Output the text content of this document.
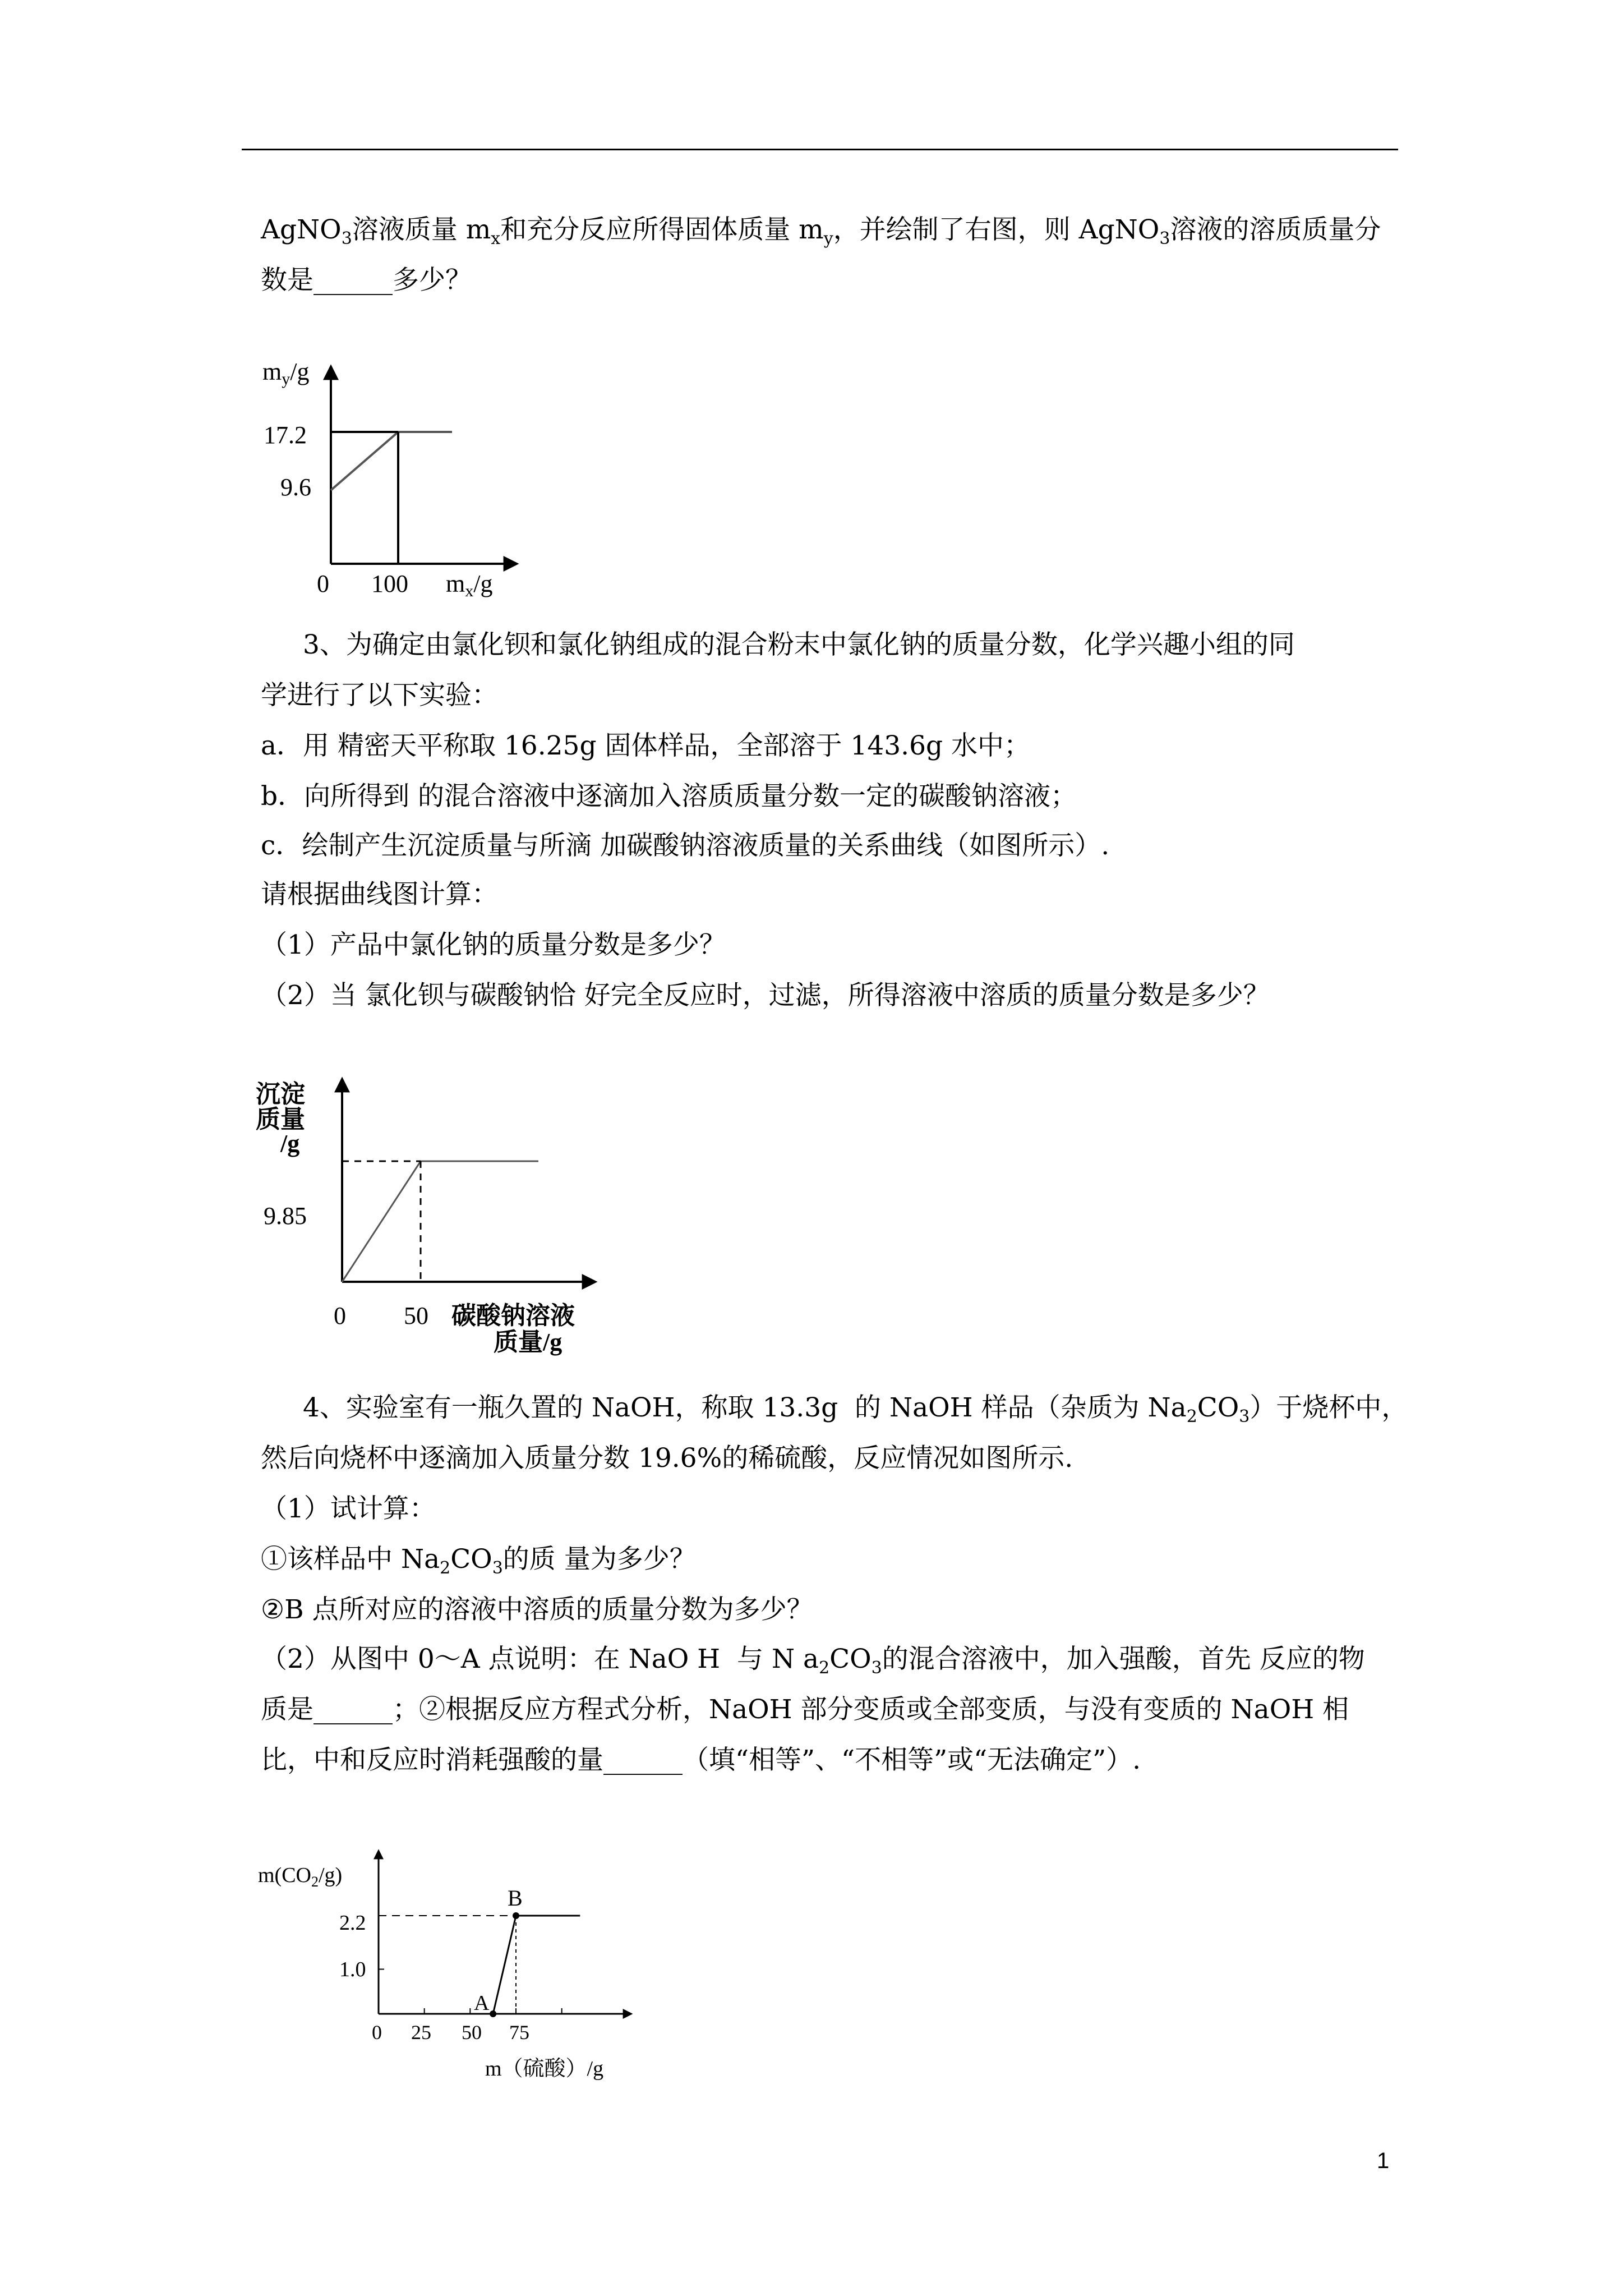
AgNO$_3$溶液质量 $m_x$和充分反应所得固体质量 $m_y$，并绘制了右图，则 AgNO$_3$溶液的溶质质量分
数是______多少？
my/g
17.2
9.6
0 100 mx/g
3、为确定由氯化钡和氯化钠组成的混合粉末中氯化钠的质量分数，化学兴趣小组的同
学进行了以下实验：
a．用 精密天平称取 16.25g 固体样品，全部溶于 143.6g 水中；
b．向所得到 的混合溶液中逐滴加入溶质质量分数一定的碳酸钠溶液；
c．绘制产生沉淀质量与所滴 加碳酸钠溶液质量的关系曲线（如图所示）.
请根据曲线图计算：
（1）产品中氯化钠的质量分数是多少？
（2）当 氯化钡与碳酸钠恰 好完全反应时，过滤，所得溶液中溶质的质量分数是多少？
沉淀
质量
/g
9.85
0 50 碳酸钠溶液
质量/g
4、实验室有一瓶久置的 NaOH，称取 13.3g  的 NaOH 样品（杂质为 $Na_2CO_3$）于烧杯中，
然后向烧杯中逐滴加入质量分数 19.6%的稀硫酸，反应情况如图所示.
（1）试计算：
①该样品中 $Na_2CO_3$的质 量为多少？
②B 点所对应的溶液中溶质的质量分数为多少？
（2）从图中 0～A 点说明：在 NaO H  与 N $a_2CO_3$的混合溶液中，加入强酸，首先 反应的物
质是______；②根据反应方程式分析，NaOH 部分变质或全部变质，与没有变质的 NaOH 相
比，中和反应时消耗强酸的量______（填“相等”、“不相等”或“无法确定”）.
$m(CO_2/g)$
2.2
1.0
0 25 50 75
A
B
m（硫酸）/g
1
